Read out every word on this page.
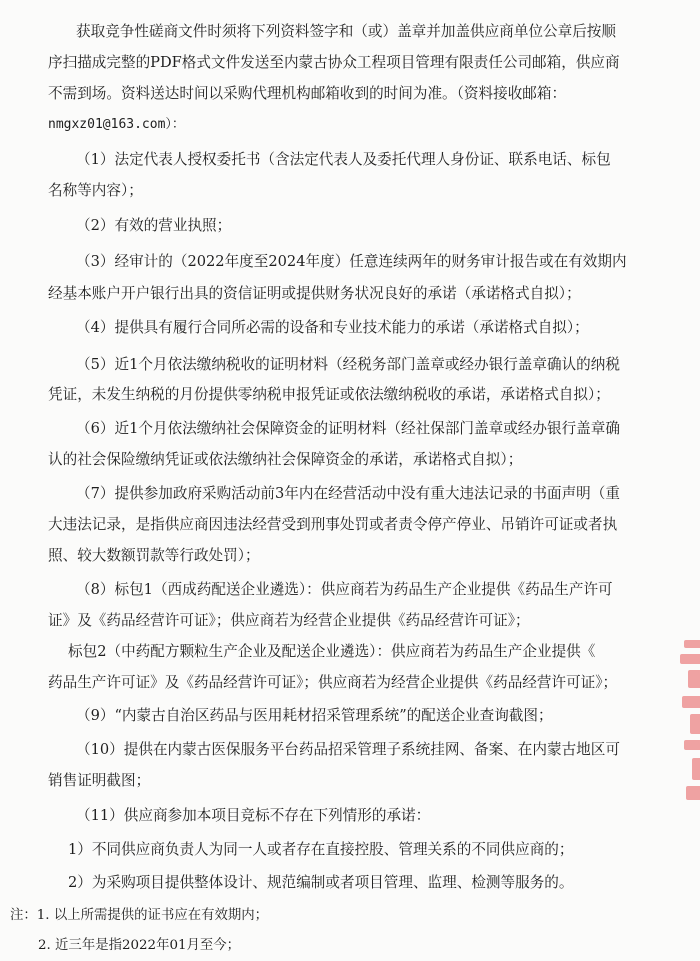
获取竞争性磋商文件时须将下列资料签字和（或）盖章并加盖供应商单位公章后按顺
序扫描成完整的PDF格式文件发送至内蒙古协众工程项目管理有限责任公司邮箱，供应商
不需到场。资料送达时间以采购代理机构邮箱收到的时间为准。（资料接收邮箱：
nmgxz01@163.com）：
（1）法定代表人授权委托书（含法定代表人及委托代理人身份证、联系电话、标包
名称等内容）；
（2）有效的营业执照；
（3）经审计的（2022年度至2024年度）任意连续两年的财务审计报告或在有效期内
经基本账户开户银行出具的资信证明或提供财务状况良好的承诺（承诺格式自拟）；
（4）提供具有履行合同所必需的设备和专业技术能力的承诺（承诺格式自拟）；
（5）近1个月依法缴纳税收的证明材料（经税务部门盖章或经办银行盖章确认的纳税
凭证，未发生纳税的月份提供零纳税申报凭证或依法缴纳税收的承诺，承诺格式自拟）；
（6）近1个月依法缴纳社会保障资金的证明材料（经社保部门盖章或经办银行盖章确
认的社会保险缴纳凭证或依法缴纳社会保障资金的承诺，承诺格式自拟）；
（7）提供参加政府采购活动前3年内在经营活动中没有重大违法记录的书面声明（重
大违法记录，是指供应商因违法经营受到刑事处罚或者责令停产停业、吊销许可证或者执
照、较大数额罚款等行政处罚）；
（8）标包1（西成药配送企业遴选）：供应商若为药品生产企业提供《药品生产许可
证》及《药品经营许可证》；供应商若为经营企业提供《药品经营许可证》；
标包2（中药配方颗粒生产企业及配送企业遴选）：供应商若为药品生产企业提供《
药品生产许可证》及《药品经营许可证》；供应商若为经营企业提供《药品经营许可证》；
（9）“内蒙古自治区药品与医用耗材招采管理系统”的配送企业查询截图；
（10）提供在内蒙古医保服务平台药品招采管理子系统挂网、备案、在内蒙古地区可
销售证明截图；
（11）供应商参加本项目竞标不存在下列情形的承诺：
1）不同供应商负责人为同一人或者存在直接控股、管理关系的不同供应商的；
2）为采购项目提供整体设计、规范编制或者项目管理、监理、检测等服务的。
注：1. 以上所需提供的证书应在有效期内；
2. 近三年是指2022年01月至今；
